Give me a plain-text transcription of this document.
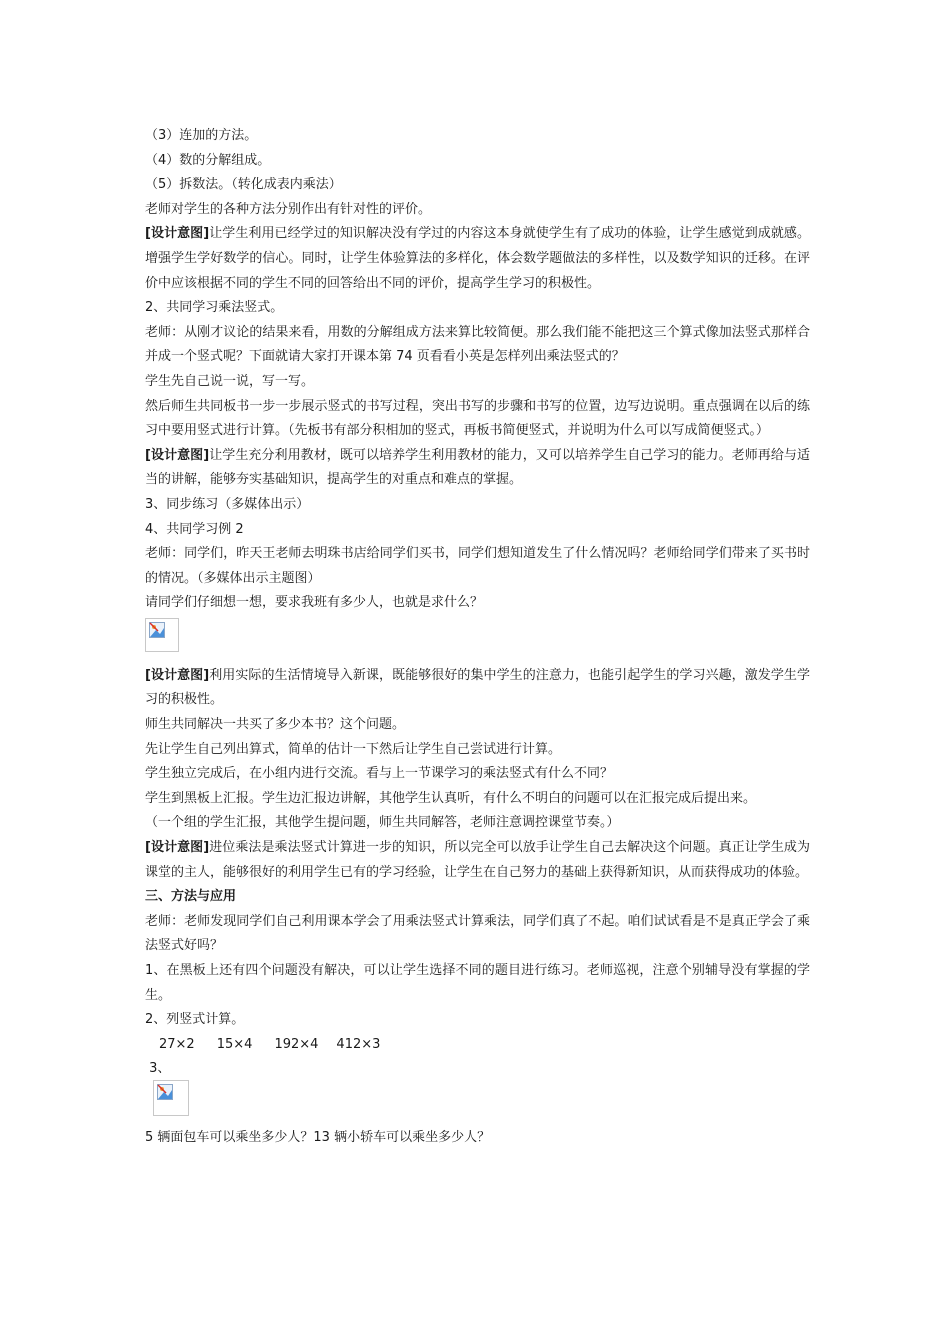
（3）连加的方法。

（4）数的分解组成。

（5）拆数法。（转化成表内乘法）

老师对学生的各种方法分别作出有针对性的评价。

[设计意图]让学生利用已经学过的知识解决没有学过的内容这本身就使学生有了成功的体验，让学生感觉到成就感。增强学生学好数学的信心。同时，让学生体验算法的多样化，体会数学题做法的多样性，以及数学知识的迁移。在评价中应该根据不同的学生不同的回答给出不同的评价，提高学生学习的积极性。

2、共同学习乘法竖式。

老师：从刚才议论的结果来看，用数的分解组成方法来算比较简便。那么我们能不能把这三个算式像加法竖式那样合并成一个竖式呢？下面就请大家打开课本第 74 页看看小英是怎样列出乘法竖式的？

学生先自己说一说，写一写。

然后师生共同板书一步一步展示竖式的书写过程，突出书写的步骤和书写的位置，边写边说明。重点强调在以后的练习中要用竖式进行计算。（先板书有部分积相加的竖式，再板书简便竖式，并说明为什么可以写成简便竖式。）

[设计意图]让学生充分利用教材，既可以培养学生利用教材的能力，又可以培养学生自己学习的能力。老师再给与适当的讲解，能够夯实基础知识，提高学生的对重点和难点的掌握。

3、同步练习（多媒体出示）

4、共同学习例 2

老师：同学们，昨天王老师去明珠书店给同学们买书，同学们想知道发生了什么情况吗？老师给同学们带来了买书时的情况。（多媒体出示主题图）

请同学们仔细想一想，要求我班有多少人，也就是求什么？

[设计意图]利用实际的生活情境导入新课，既能够很好的集中学生的注意力，也能引起学生的学习兴趣，激发学生学习的积极性。

师生共同解决一共买了多少本书？这个问题。

先让学生自己列出算式，简单的估计一下然后让学生自己尝试进行计算。

学生独立完成后，在小组内进行交流。看与上一节课学习的乘法竖式有什么不同？

学生到黑板上汇报。学生边汇报边讲解，其他学生认真听，有什么不明白的问题可以在汇报完成后提出来。

（一个组的学生汇报，其他学生提问题，师生共同解答，老师注意调控课堂节奏。）

[设计意图]进位乘法是乘法竖式计算进一步的知识，所以完全可以放手让学生自己去解决这个问题。真正让学生成为课堂的主人，能够很好的利用学生已有的学习经验，让学生在自己努力的基础上获得新知识，从而获得成功的体验。

三、方法与应用

老师：老师发现同学们自己利用课本学会了用乘法竖式计算乘法，同学们真了不起。咱们试试看是不是真正学会了乘法竖式好吗？

1、在黑板上还有四个问题没有解决，可以让学生选择不同的题目进行练习。老师巡视，注意个别辅导没有掌握的学生。

2、列竖式计算。

27×2 15×4 192×4 412×3

3、

5 辆面包车可以乘坐多少人？13 辆小轿车可以乘坐多少人？
